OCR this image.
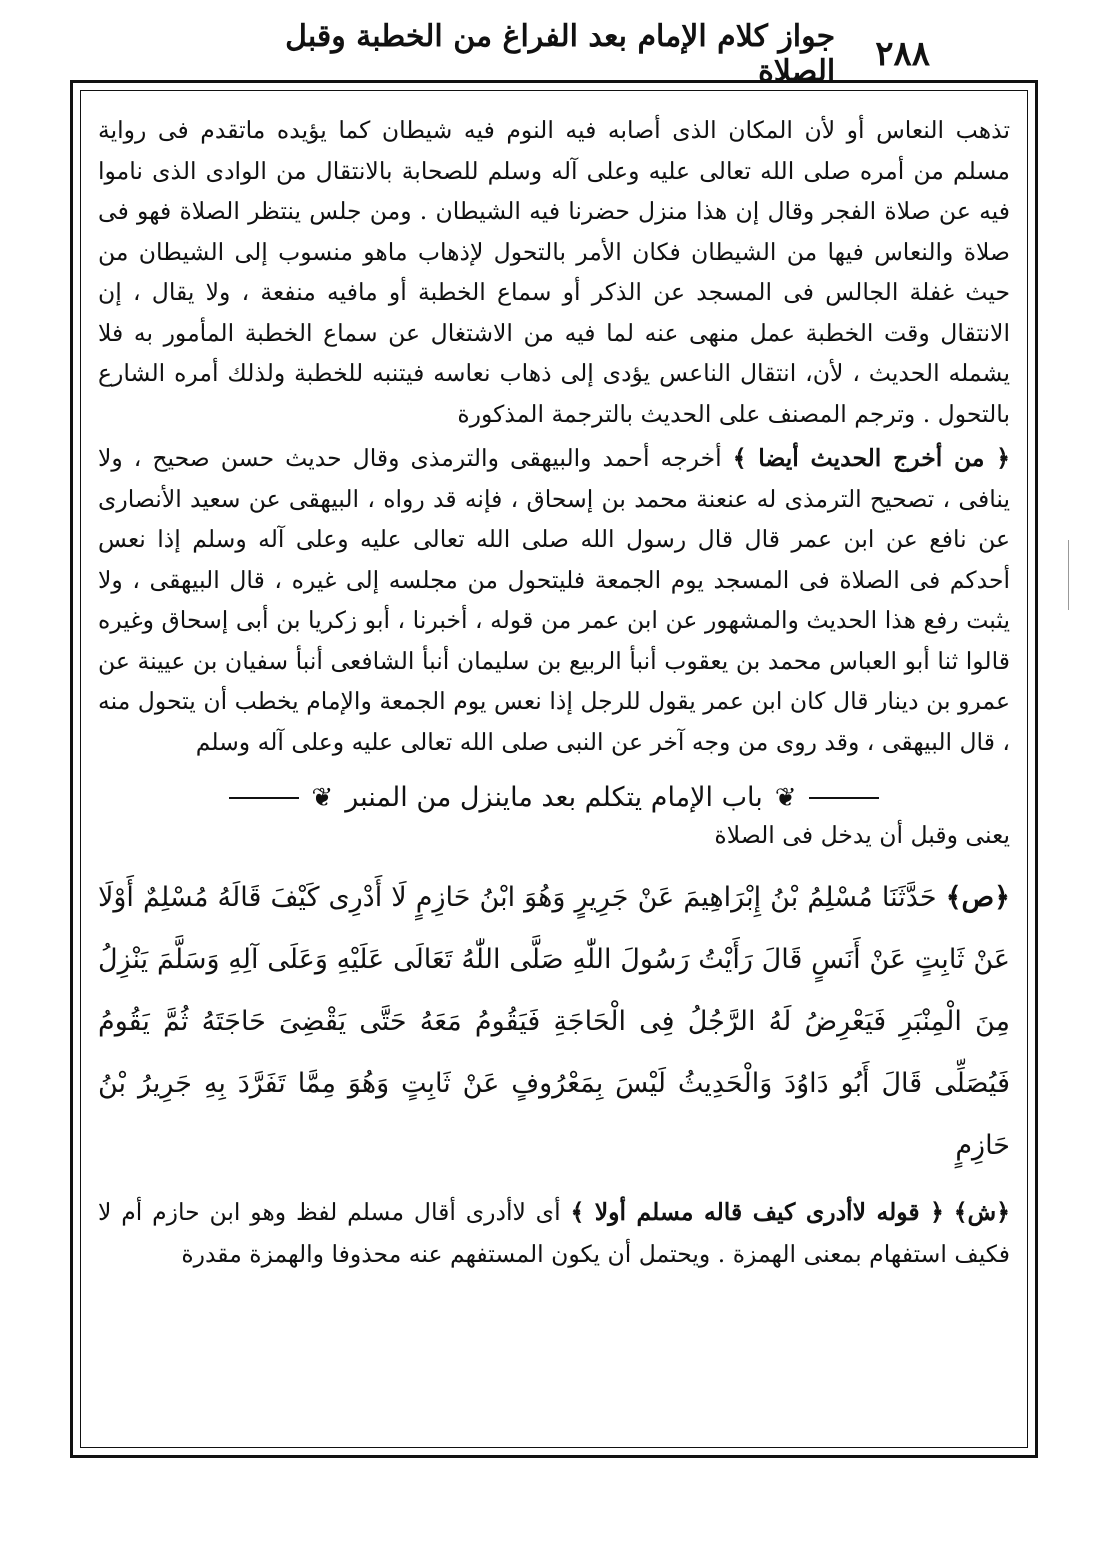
٢٨٨
جواز كلام الإمام بعد الفراغ من الخطبة وقبل الصلاة

تذهب النعاس أو لأن المكان الذى أصابه فيه النوم فيه شيطان كما يؤيده ماتقدم فى رواية مسلم من أمره صلى الله تعالى عليه وعلى آله وسلم للصحابة بالانتقال من الوادى الذى ناموا فيه عن صلاة الفجر وقال إن هذا منزل حضرنا فيه الشيطان . ومن جلس ينتظر الصلاة فهو فى صلاة والنعاس فيها من الشيطان فكان الأمر بالتحول لإذهاب ماهو منسوب إلى الشيطان من حيث غفلة الجالس فى المسجد عن الذكر أو سماع الخطبة أو مافيه منفعة ، ولا يقال ، إن الانتقال وقت الخطبة عمل منهى عنه لما فيه من الاشتغال عن سماع الخطبة المأمور به فلا يشمله الحديث ، لأن، انتقال الناعس يؤدى إلى ذهاب نعاسه فيتنبه للخطبة ولذلك أمره الشارع بالتحول . وترجم المصنف على الحديث بالترجمة المذكورة

﴿ من أخرج الحديث أيضا ﴾ أخرجه أحمد والبيهقى والترمذى وقال حديث حسن صحيح ، ولا ينافى ، تصحيح الترمذى له عنعنة محمد بن إسحاق ، فإنه قد رواه ، البيهقى عن سعيد الأنصارى عن نافع عن ابن عمر قال قال رسول الله صلى الله تعالى عليه وعلى آله وسلم إذا نعس أحدكم فى الصلاة فى المسجد يوم الجمعة فليتحول من مجلسه إلى غيره ، قال البيهقى ، ولا يثبت رفع هذا الحديث والمشهور عن ابن عمر من قوله ، أخبرنا ، أبو زكريا بن أبى إسحاق وغيره قالوا ثنا أبو العباس محمد بن يعقوب أنبأ الربيع بن سليمان أنبأ الشافعى أنبأ سفيان بن عيينة عن عمرو بن دينار قال كان ابن عمر يقول للرجل إذا نعس يوم الجمعة والإمام يخطب أن يتحول منه ، قال البيهقى ، وقد روى من وجه آخر عن النبى صلى الله تعالى عليه وعلى آله وسلم

❦
باب الإمام يتكلم بعد ماينزل من المنبر
❦

يعنى وقبل أن يدخل فى الصلاة

﴿ص﴾ حَدَّثَنَا مُسْلِمُ بْنُ إِبْرَاهِيمَ عَنْ جَرِيرٍ وَهُوَ ابْنُ حَازِمٍ لَا أَدْرِى كَيْفَ قَالَهُ مُسْلِمٌ أَوْلَا عَنْ ثَابِتٍ عَنْ أَنَسٍ قَالَ رَأَيْتُ رَسُولَ اللّٰهِ صَلَّى اللّٰهُ تَعَالَى عَلَيْهِ وَعَلَى آلِهِ وَسَلَّمَ يَنْزِلُ مِنَ الْمِنْبَرِ فَيَعْرِضُ لَهُ الرَّجُلُ فِى الْحَاجَةِ فَيَقُومُ مَعَهُ حَتَّى يَقْضِىَ حَاجَتَهُ ثُمَّ يَقُومُ فَيُصَلِّى قَالَ أَبُو دَاوُدَ وَالْحَدِيثُ لَيْسَ بِمَعْرُوفٍ عَنْ ثَابِتٍ وَهُوَ مِمَّا تَفَرَّدَ بِهِ جَرِيرُ بْنُ حَازِمٍ

﴿ش﴾ ﴿ قوله لاأدرى كيف قاله مسلم أولا ﴾ أى لاأدرى أقال مسلم لفظ وهو ابن حازم أم لا فكيف استفهام بمعنى الهمزة . ويحتمل أن يكون المستفهم عنه محذوفا والهمزة مقدرة
